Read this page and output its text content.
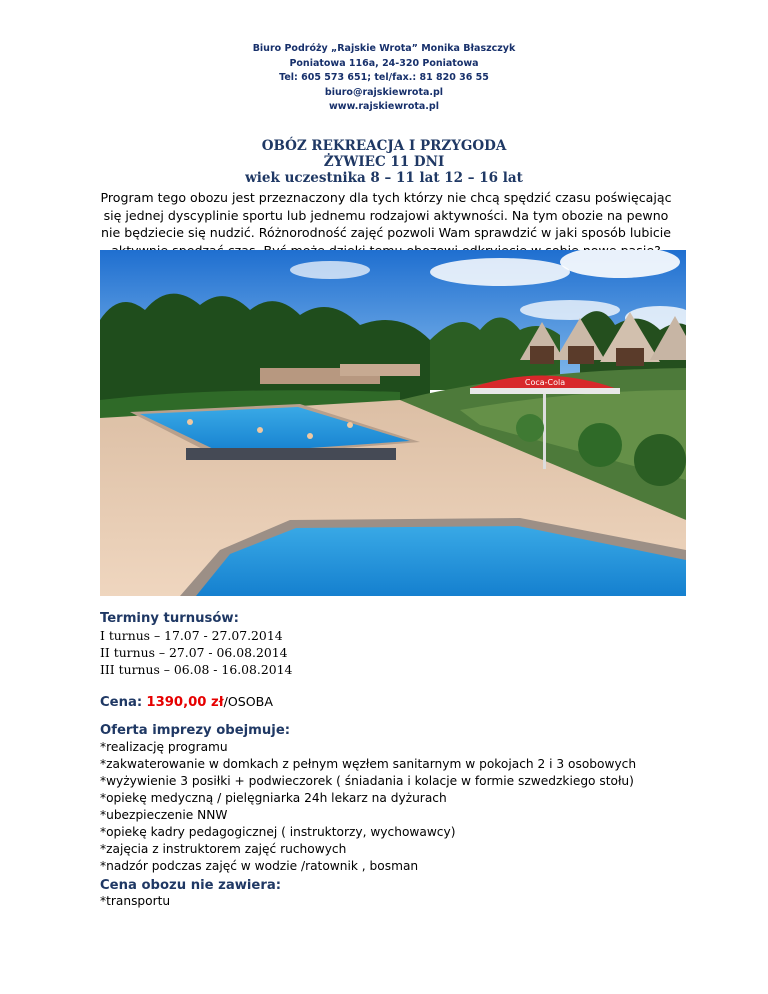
Biuro Podróży „Rajskie Wrota” Monika Błaszczyk
Poniatowa 116a, 24-320 Poniatowa
Tel: 605 573 651; tel/fax.: 81 820 36 55
biuro@rajskiewrota.pl
www.rajskiewrota.pl
OBÓZ REKREACJA I PRZYGODA
ŻYWIEC 11 DNI
wiek uczestnika 8 – 11 lat 12 – 16 lat
Program tego obozu jest przeznaczony dla tych którzy nie chcą spędzić czasu poświęcając się jednej dyscyplinie sportu lub jednemu rodzajowi aktywności. Na tym obozie na pewno nie będziecie się nudzić. Różnorodność zajęć pozwoli Wam sprawdzić w jaki sposób lubicie
Coca-Cola
Terminy turnusów:
I turnus – 17.07 - 27.07.2014
II turnus – 27.07 - 06.08.2014
III turnus – 06.08 - 16.08.2014
Cena: 1390,00 zł/OSOBA
Oferta imprezy obejmuje:
*realizację programu
*zakwaterowanie w domkach z pełnym węzłem sanitarnym w pokojach 2 i 3 osobowych
*wyżywienie 3 posiłki + podwieczorek ( śniadania i kolacje w formie szwedzkiego stołu)
*opiekę medyczną / pielęgniarka 24h lekarz na dyżurach
*ubezpieczenie NNW
*opiekę kadry pedagogicznej ( instruktorzy, wychowawcy)
*zajęcia z instruktorem zajęć ruchowych
*nadzór podczas zajęć w wodzie /ratownik , bosman
Cena obozu nie zawiera:
*transportu
